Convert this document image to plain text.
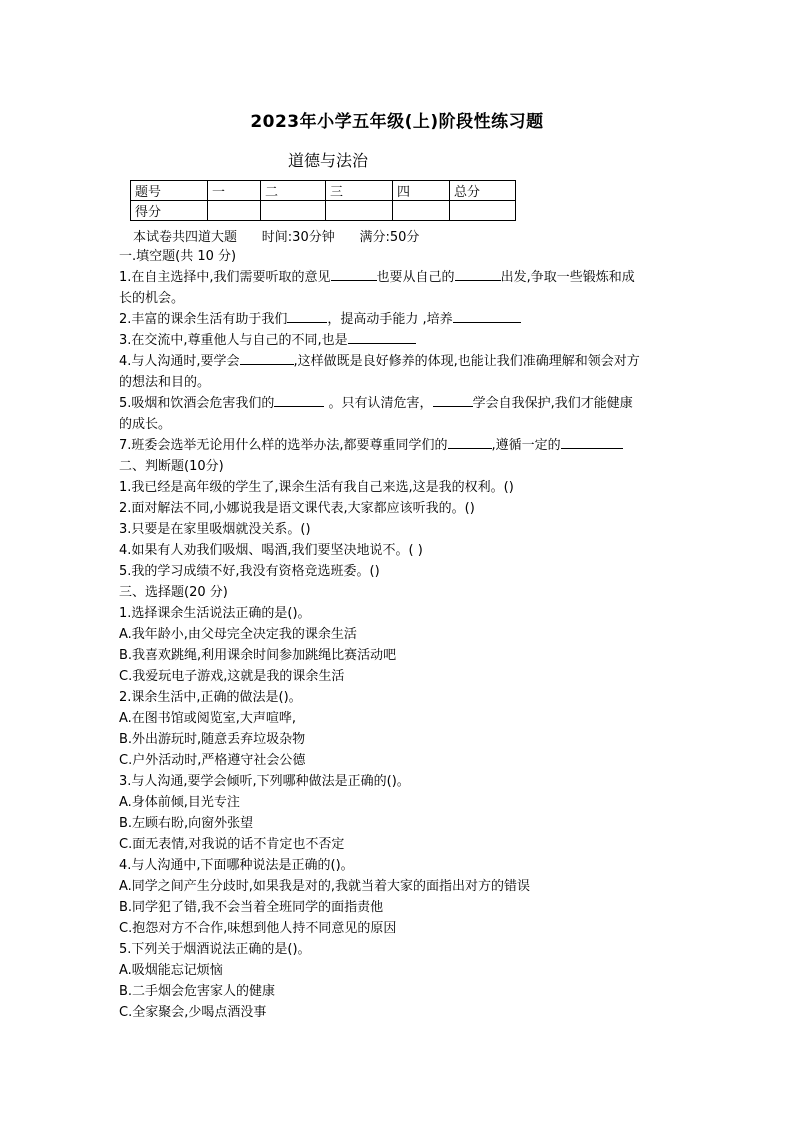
2023年小学五年级(上)阶段性练习题
道德与法治
题号	一	二	三	四	总分
得分					
本试卷共四道大题      时间:30分钟      满分:50分

一.填空题(共 10 分)

1.在自主选择中,我们需要听取的意见	也要从自己的	出发,争取一些锻炼和成

长的机会。

2.丰富的课余生活有助于我们	，提高动手能力 ,培养

3.在交流中,尊重他人与自己的不同,也是

4.与人沟通时,要学会	,这样做既是良好修养的体现,也能让我们准确理解和领会对方

的想法和目的。

5.吸烟和饮酒会危害我们的	。只有认清危害，	学会自我保护,我们才能健康

的成长。

7.班委会选举无论用什么样的选举办法,都要尊重同学们的	,遵循一定的

二、判断题(10分)

1.我已经是高年级的学生了,课余生活有我自己来选,这是我的权利。()

2.面对解法不同,小娜说我是语文课代表,大家都应该听我的。()

3.只要是在家里吸烟就没关系。()

4.如果有人劝我们吸烟、喝酒,我们要坚决地说不。( )

5.我的学习成绩不好,我没有资格竞选班委。()

三、选择题(20 分)

1.选择课余生活说法正确的是()。

A.我年龄小,由父母完全决定我的课余生活

B.我喜欢跳绳,利用课余时间参加跳绳比赛活动吧

C.我爱玩电子游戏,这就是我的课余生活

2.课余生活中,正确的做法是()。

A.在图书馆或阅览室,大声喧哗,

B.外出游玩时,随意丢弃垃圾杂物

C.户外活动时,严格遵守社会公德

3.与人沟通,要学会倾听,下列哪种做法是正确的()。

A.身体前倾,目光专注

B.左顾右盼,向窗外张望

C.面无表情,对我说的话不肯定也不否定

4.与人沟通中,下面哪种说法是正确的()。

A.同学之间产生分歧时,如果我是对的,我就当着大家的面指出对方的错误

B.同学犯了错,我不会当着全班同学的面指责他

C.抱怨对方不合作,味想到他人持不同意见的原因

5.下列关于烟酒说法正确的是()。

A.吸烟能忘记烦恼

B.二手烟会危害家人的健康

C.全家聚会,少喝点酒没事
